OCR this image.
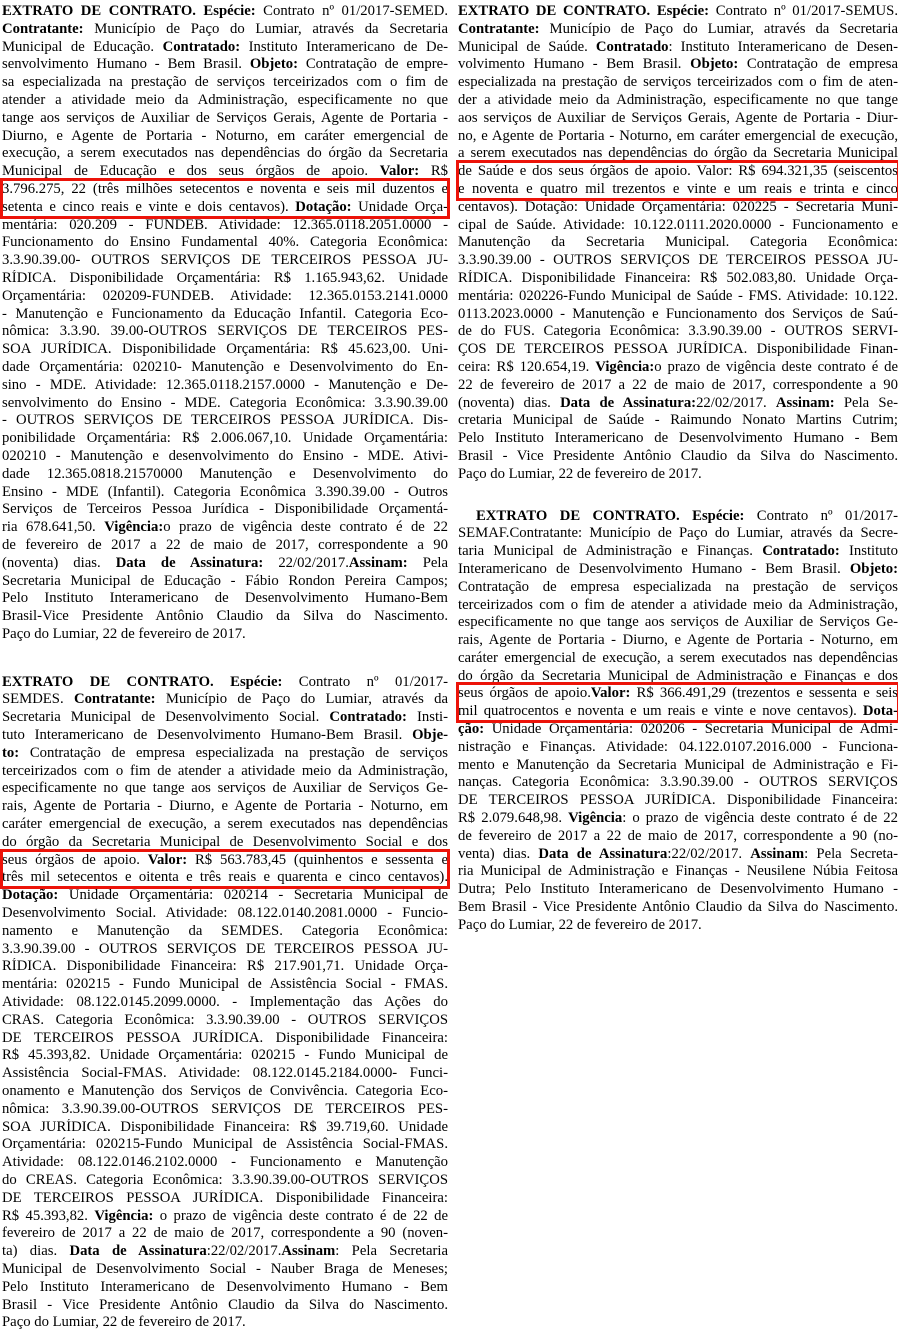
EXTRATO DE CONTRATO. Espécie: Contrato nº 01/2017-SEMED.
Contratante: Município de Paço do Lumiar, através da Secretaria
Municipal de Educação. Contratado: Instituto Interamericano de De-
senvolvimento Humano - Bem Brasil. Objeto: Contratação de empre-
sa especializada na prestação de serviços terceirizados com o fim de
atender a atividade meio da Administração, especificamente no que
tange aos serviços de Auxiliar de Serviços Gerais, Agente de Portaria -
Diurno, e Agente de Portaria - Noturno, em caráter emergencial de
execução, a serem executados nas dependências do órgão da Secretaria
Municipal de Educação e dos seus órgãos de apoio. Valor: R$
3.796.275, 22 (três milhões setecentos e noventa e seis mil duzentos e
setenta e cinco reais e vinte e dois centavos). Dotação: Unidade Orça-
mentária: 020.209 - FUNDEB. Atividade: 12.365.0118.2051.0000 -
Funcionamento do Ensino Fundamental 40%. Categoria Econômica:
3.3.90.39.00- OUTROS SERVIÇOS DE TERCEIROS PESSOA JU-
RÍDICA. Disponibilidade Orçamentária: R$ 1.165.943,62. Unidade
Orçamentária: 020209-FUNDEB. Atividade: 12.365.0153.2141.0000
- Manutenção e Funcionamento da Educação Infantil. Categoria Eco-
nômica: 3.3.90. 39.00-OUTROS SERVIÇOS DE TERCEIROS PES-
SOA JURÍDICA. Disponibilidade Orçamentária: R$ 45.623,00. Uni-
dade Orçamentária: 020210- Manutenção e Desenvolvimento do En-
sino - MDE. Atividade: 12.365.0118.2157.0000 - Manutenção e De-
senvolvimento do Ensino - MDE. Categoria Econômica: 3.3.90.39.00
- OUTROS SERVIÇOS DE TERCEIROS PESSOA JURÍDICA. Dis-
ponibilidade Orçamentária: R$ 2.006.067,10. Unidade Orçamentária:
020210 - Manutenção e desenvolvimento do Ensino - MDE. Ativi-
dade 12.365.0818.21570000 Manutenção e Desenvolvimento do
Ensino - MDE (Infantil). Categoria Econômica 3.390.39.00 - Outros
Serviços de Terceiros Pessoa Jurídica - Disponibilidade Orçamentá-
ria 678.641,50. Vigência:o prazo de vigência deste contrato é de 22
de fevereiro de 2017 a 22 de maio de 2017, correspondente a 90
(noventa) dias. Data de Assinatura: 22/02/2017.Assinam: Pela
Secretaria Municipal de Educação - Fábio Rondon Pereira Campos;
Pelo Instituto Interamericano de Desenvolvimento Humano-Bem
Brasil-Vice Presidente Antônio Claudio da Silva do Nascimento.
Paço do Lumiar, 22 de fevereiro de 2017.
EXTRATO DE CONTRATO. Espécie: Contrato nº 01/2017-
SEMDES. Contratante: Município de Paço do Lumiar, através da
Secretaria Municipal de Desenvolvimento Social. Contratado: Insti-
tuto Interamericano de Desenvolvimento Humano-Bem Brasil. Obje-
to: Contratação de empresa especializada na prestação de serviços
terceirizados com o fim de atender a atividade meio da Administração,
especificamente no que tange aos serviços de Auxiliar de Serviços Ge-
rais, Agente de Portaria - Diurno, e Agente de Portaria - Noturno, em
caráter emergencial de execução, a serem executados nas dependências
do órgão da Secretaria Municipal de Desenvolvimento Social e dos
seus órgãos de apoio. Valor: R$ 563.783,45 (quinhentos e sessenta e
três mil setecentos e oitenta e três reais e quarenta e cinco centavos).
Dotação: Unidade Orçamentária: 020214 - Secretaria Municipal de
Desenvolvimento Social. Atividade: 08.122.0140.2081.0000 - Funcio-
namento e Manutenção da SEMDES. Categoria Econômica:
3.3.90.39.00 - OUTROS SERVIÇOS DE TERCEIROS PESSOA JU-
RÍDICA. Disponibilidade Financeira: R$ 217.901,71. Unidade Orça-
mentária: 020215 - Fundo Municipal de Assistência Social - FMAS.
Atividade: 08.122.0145.2099.0000. - Implementação das Ações do
CRAS. Categoria Econômica: 3.3.90.39.00 - OUTROS SERVIÇOS
DE TERCEIROS PESSOA JURÍDICA. Disponibilidade Financeira:
R$ 45.393,82. Unidade Orçamentária: 020215 - Fundo Municipal de
Assistência Social-FMAS. Atividade: 08.122.0145.2184.0000- Funci-
onamento e Manutenção dos Serviços de Convivência. Categoria Eco-
nômica: 3.3.90.39.00-OUTROS SERVIÇOS DE TERCEIROS PES-
SOA JURÍDICA. Disponibilidade Financeira: R$ 39.719,60. Unidade
Orçamentária: 020215-Fundo Municipal de Assistência Social-FMAS.
Atividade: 08.122.0146.2102.0000 - Funcionamento e Manutenção
do CREAS. Categoria Econômica: 3.3.90.39.00-OUTROS SERVIÇOS
DE TERCEIROS PESSOA JURÍDICA. Disponibilidade Financeira:
R$ 45.393,82. Vigência: o prazo de vigência deste contrato é de 22 de
fevereiro de 2017 a 22 de maio de 2017, correspondente a 90 (noven-
ta) dias. Data de Assinatura:22/02/2017.Assinam: Pela Secretaria
Municipal de Desenvolvimento Social - Nauber Braga de Meneses;
Pelo Instituto Interamericano de Desenvolvimento Humano - Bem
Brasil - Vice Presidente Antônio Claudio da Silva do Nascimento.
Paço do Lumiar, 22 de fevereiro de 2017.
EXTRATO DE CONTRATO. Espécie: Contrato nº 01/2017-SEMUS.
Contratante: Município de Paço do Lumiar, através da Secretaria
Municipal de Saúde. Contratado: Instituto Interamericano de Desen-
volvimento Humano - Bem Brasil. Objeto: Contratação de empresa
especializada na prestação de serviços terceirizados com o fim de aten-
der a atividade meio da Administração, especificamente no que tange
aos serviços de Auxiliar de Serviços Gerais, Agente de Portaria - Diur-
no, e Agente de Portaria - Noturno, em caráter emergencial de execução,
a serem executados nas dependências do órgão da Secretaria Municipal
de Saúde e dos seus órgãos de apoio. Valor: R$ 694.321,35 (seiscentos
e noventa e quatro mil trezentos e vinte e um reais e trinta e cinco
centavos). Dotação: Unidade Orçamentária: 020225 - Secretaria Muni-
cipal de Saúde. Atividade: 10.122.0111.2020.0000 - Funcionamento e
Manutenção da Secretaria Municipal. Categoria Econômica:
3.3.90.39.00 - OUTROS SERVIÇOS DE TERCEIROS PESSOA JU-
RÍDICA. Disponibilidade Financeira: R$ 502.083,80. Unidade Orça-
mentária: 020226-Fundo Municipal de Saúde - FMS. Atividade: 10.122.
0113.2023.0000 - Manutenção e Funcionamento dos Serviços de Saú-
de do FUS. Categoria Econômica: 3.3.90.39.00 - OUTROS SERVI-
ÇOS DE TERCEIROS PESSOA JURÍDICA. Disponibilidade Finan-
ceira: R$ 120.654,19. Vigência:o prazo de vigência deste contrato é de
22 de fevereiro de 2017 a 22 de maio de 2017, correspondente a 90
(noventa) dias. Data de Assinatura:22/02/2017. Assinam: Pela Se-
cretaria Municipal de Saúde - Raimundo Nonato Martins Cutrim;
Pelo Instituto Interamericano de Desenvolvimento Humano - Bem
Brasil - Vice Presidente Antônio Claudio da Silva do Nascimento.
Paço do Lumiar, 22 de fevereiro de 2017.
EXTRATO DE CONTRATO. Espécie: Contrato nº 01/2017-
SEMAF.Contratante: Município de Paço do Lumiar, através da Secre-
taria Municipal de Administração e Finanças. Contratado: Instituto
Interamericano de Desenvolvimento Humano - Bem Brasil. Objeto:
Contratação de empresa especializada na prestação de serviços
terceirizados com o fim de atender a atividade meio da Administração,
especificamente no que tange aos serviços de Auxiliar de Serviços Ge-
rais, Agente de Portaria - Diurno, e Agente de Portaria - Noturno, em
caráter emergencial de execução, a serem executados nas dependências
do órgão da Secretaria Municipal de Administração e Finanças e dos
seus órgãos de apoio.Valor: R$ 366.491,29 (trezentos e sessenta e seis
mil quatrocentos e noventa e um reais e vinte e nove centavos). Dota-
ção: Unidade Orçamentária: 020206 - Secretaria Municipal de Admi-
nistração e Finanças. Atividade: 04.122.0107.2016.000 - Funciona-
mento e Manutenção da Secretaria Municipal de Administração e Fi-
nanças. Categoria Econômica: 3.3.90.39.00 - OUTROS SERVIÇOS
DE TERCEIROS PESSOA JURÍDICA. Disponibilidade Financeira:
R$ 2.079.648,98. Vigência: o prazo de vigência deste contrato é de 22
de fevereiro de 2017 a 22 de maio de 2017, correspondente a 90 (no-
venta) dias. Data de Assinatura:22/02/2017. Assinam: Pela Secreta-
ria Municipal de Administração e Finanças - Neusilene Núbia Feitosa
Dutra; Pelo Instituto Interamericano de Desenvolvimento Humano -
Bem Brasil - Vice Presidente Antônio Claudio da Silva do Nascimento.
Paço do Lumiar, 22 de fevereiro de 2017.
